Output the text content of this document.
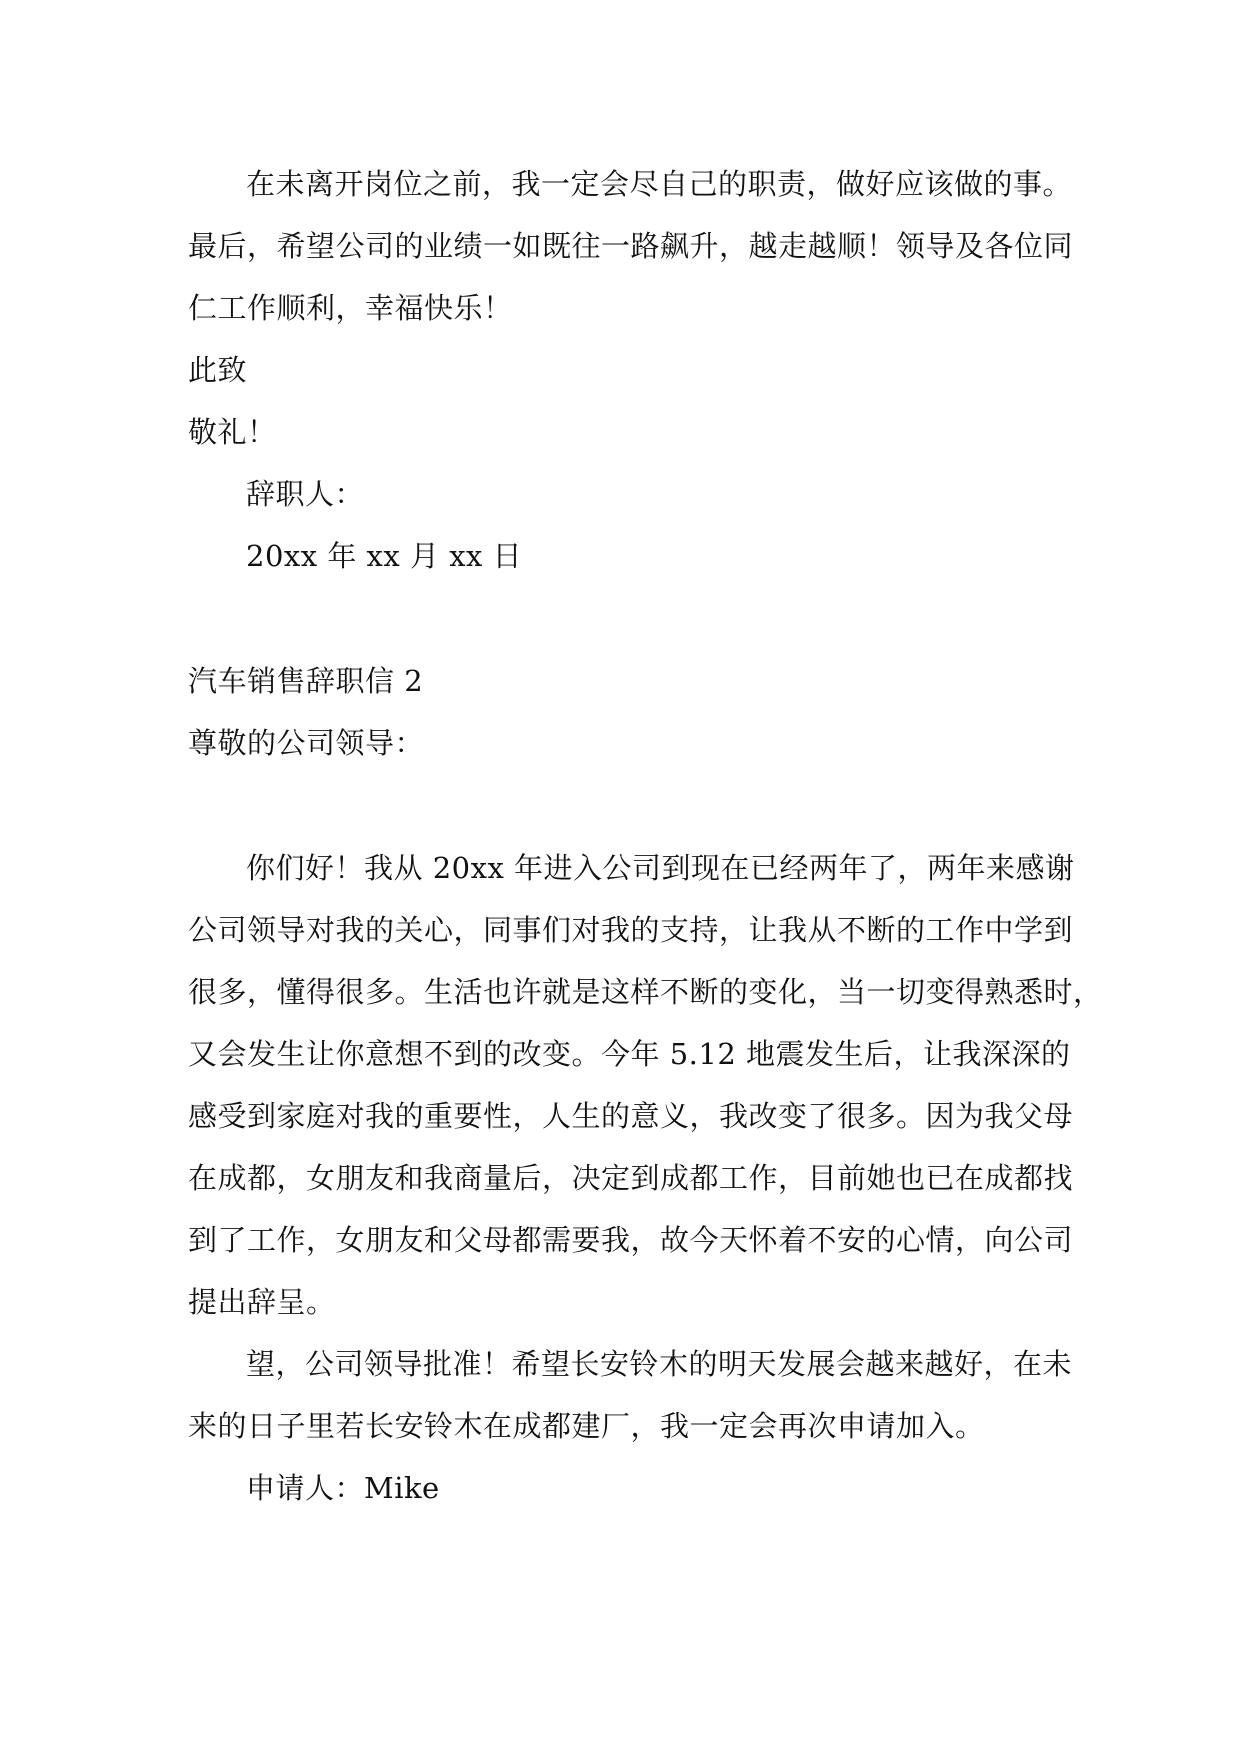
在未离开岗位之前，我一定会尽自己的职责，做好应该做的事。
最后，希望公司的业绩一如既往一路飙升，越走越顺！领导及各位同
仁工作顺利，幸福快乐！
此致
敬礼！
辞职人：
20xx 年 xx 月 xx 日
汽车销售辞职信 2
尊敬的公司领导：
你们好！我从 20xx 年进入公司到现在已经两年了，两年来感谢
公司领导对我的关心，同事们对我的支持，让我从不断的工作中学到
很多，懂得很多。生活也许就是这样不断的变化，当一切变得熟悉时，
又会发生让你意想不到的改变。今年 5.12 地震发生后，让我深深的
感受到家庭对我的重要性，人生的意义，我改变了很多。因为我父母
在成都，女朋友和我商量后，决定到成都工作，目前她也已在成都找
到了工作，女朋友和父母都需要我，故今天怀着不安的心情，向公司
提出辞呈。
望，公司领导批准！希望长安铃木的明天发展会越来越好，在未
来的日子里若长安铃木在成都建厂，我一定会再次申请加入。
申请人：Mike
